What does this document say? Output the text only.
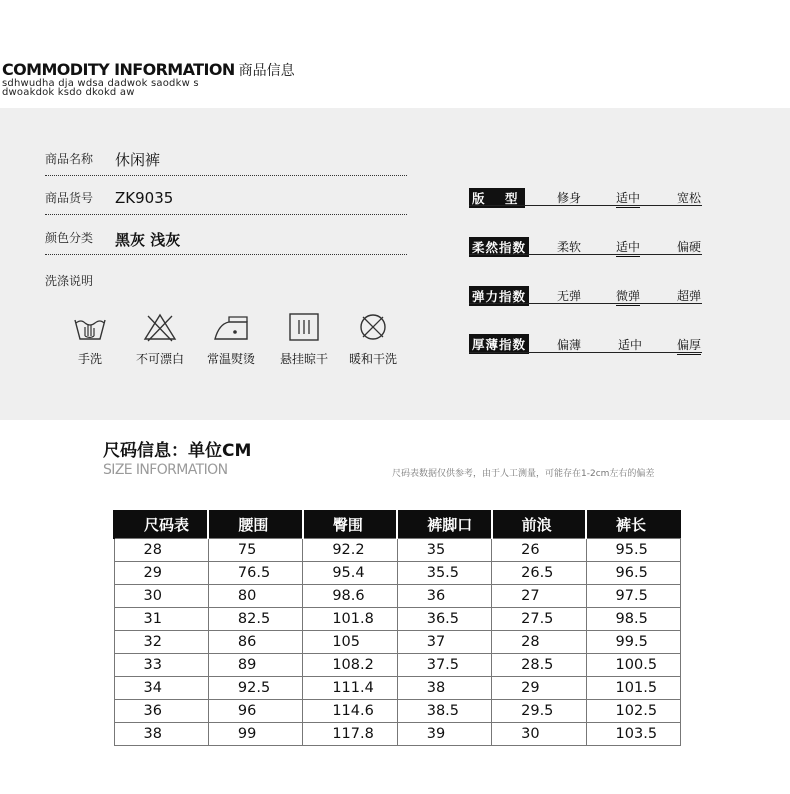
COMMODITY INFORMATION 商品信息
sdhwudha dja wdsa dadwok saodkw s
dwoakdok ksdo dkokd aw
商品名称 休闲裤
商品货号 ZK9035
颜色分类 黑灰 浅灰
洗涤说明
手洗	不可漂白	常温熨烫	悬挂晾干	暖和干洗
版　型	修身	适中	宽松
柔然指数	柔软	适中	偏硬
弹力指数	无弹	微弹	超弹
厚薄指数	偏薄	适中	偏厚
尺码信息：单位CM
SIZE INFORMATION	尺码表数据仅供参考，由于人工测量，可能存在1-2cm左右的偏差
尺码表	腰围	臀围	裤脚口	前浪	裤长
28	75	92.2	35	26	95.5
29	76.5	95.4	35.5	26.5	96.5
30	80	98.6	36	27	97.5
31	82.5	101.8	36.5	27.5	98.5
32	86	105	37	28	99.5
33	89	108.2	37.5	28.5	100.5
34	92.5	111.4	38	29	101.5
36	96	114.6	38.5	29.5	102.5
38	99	117.8	39	30	103.5
